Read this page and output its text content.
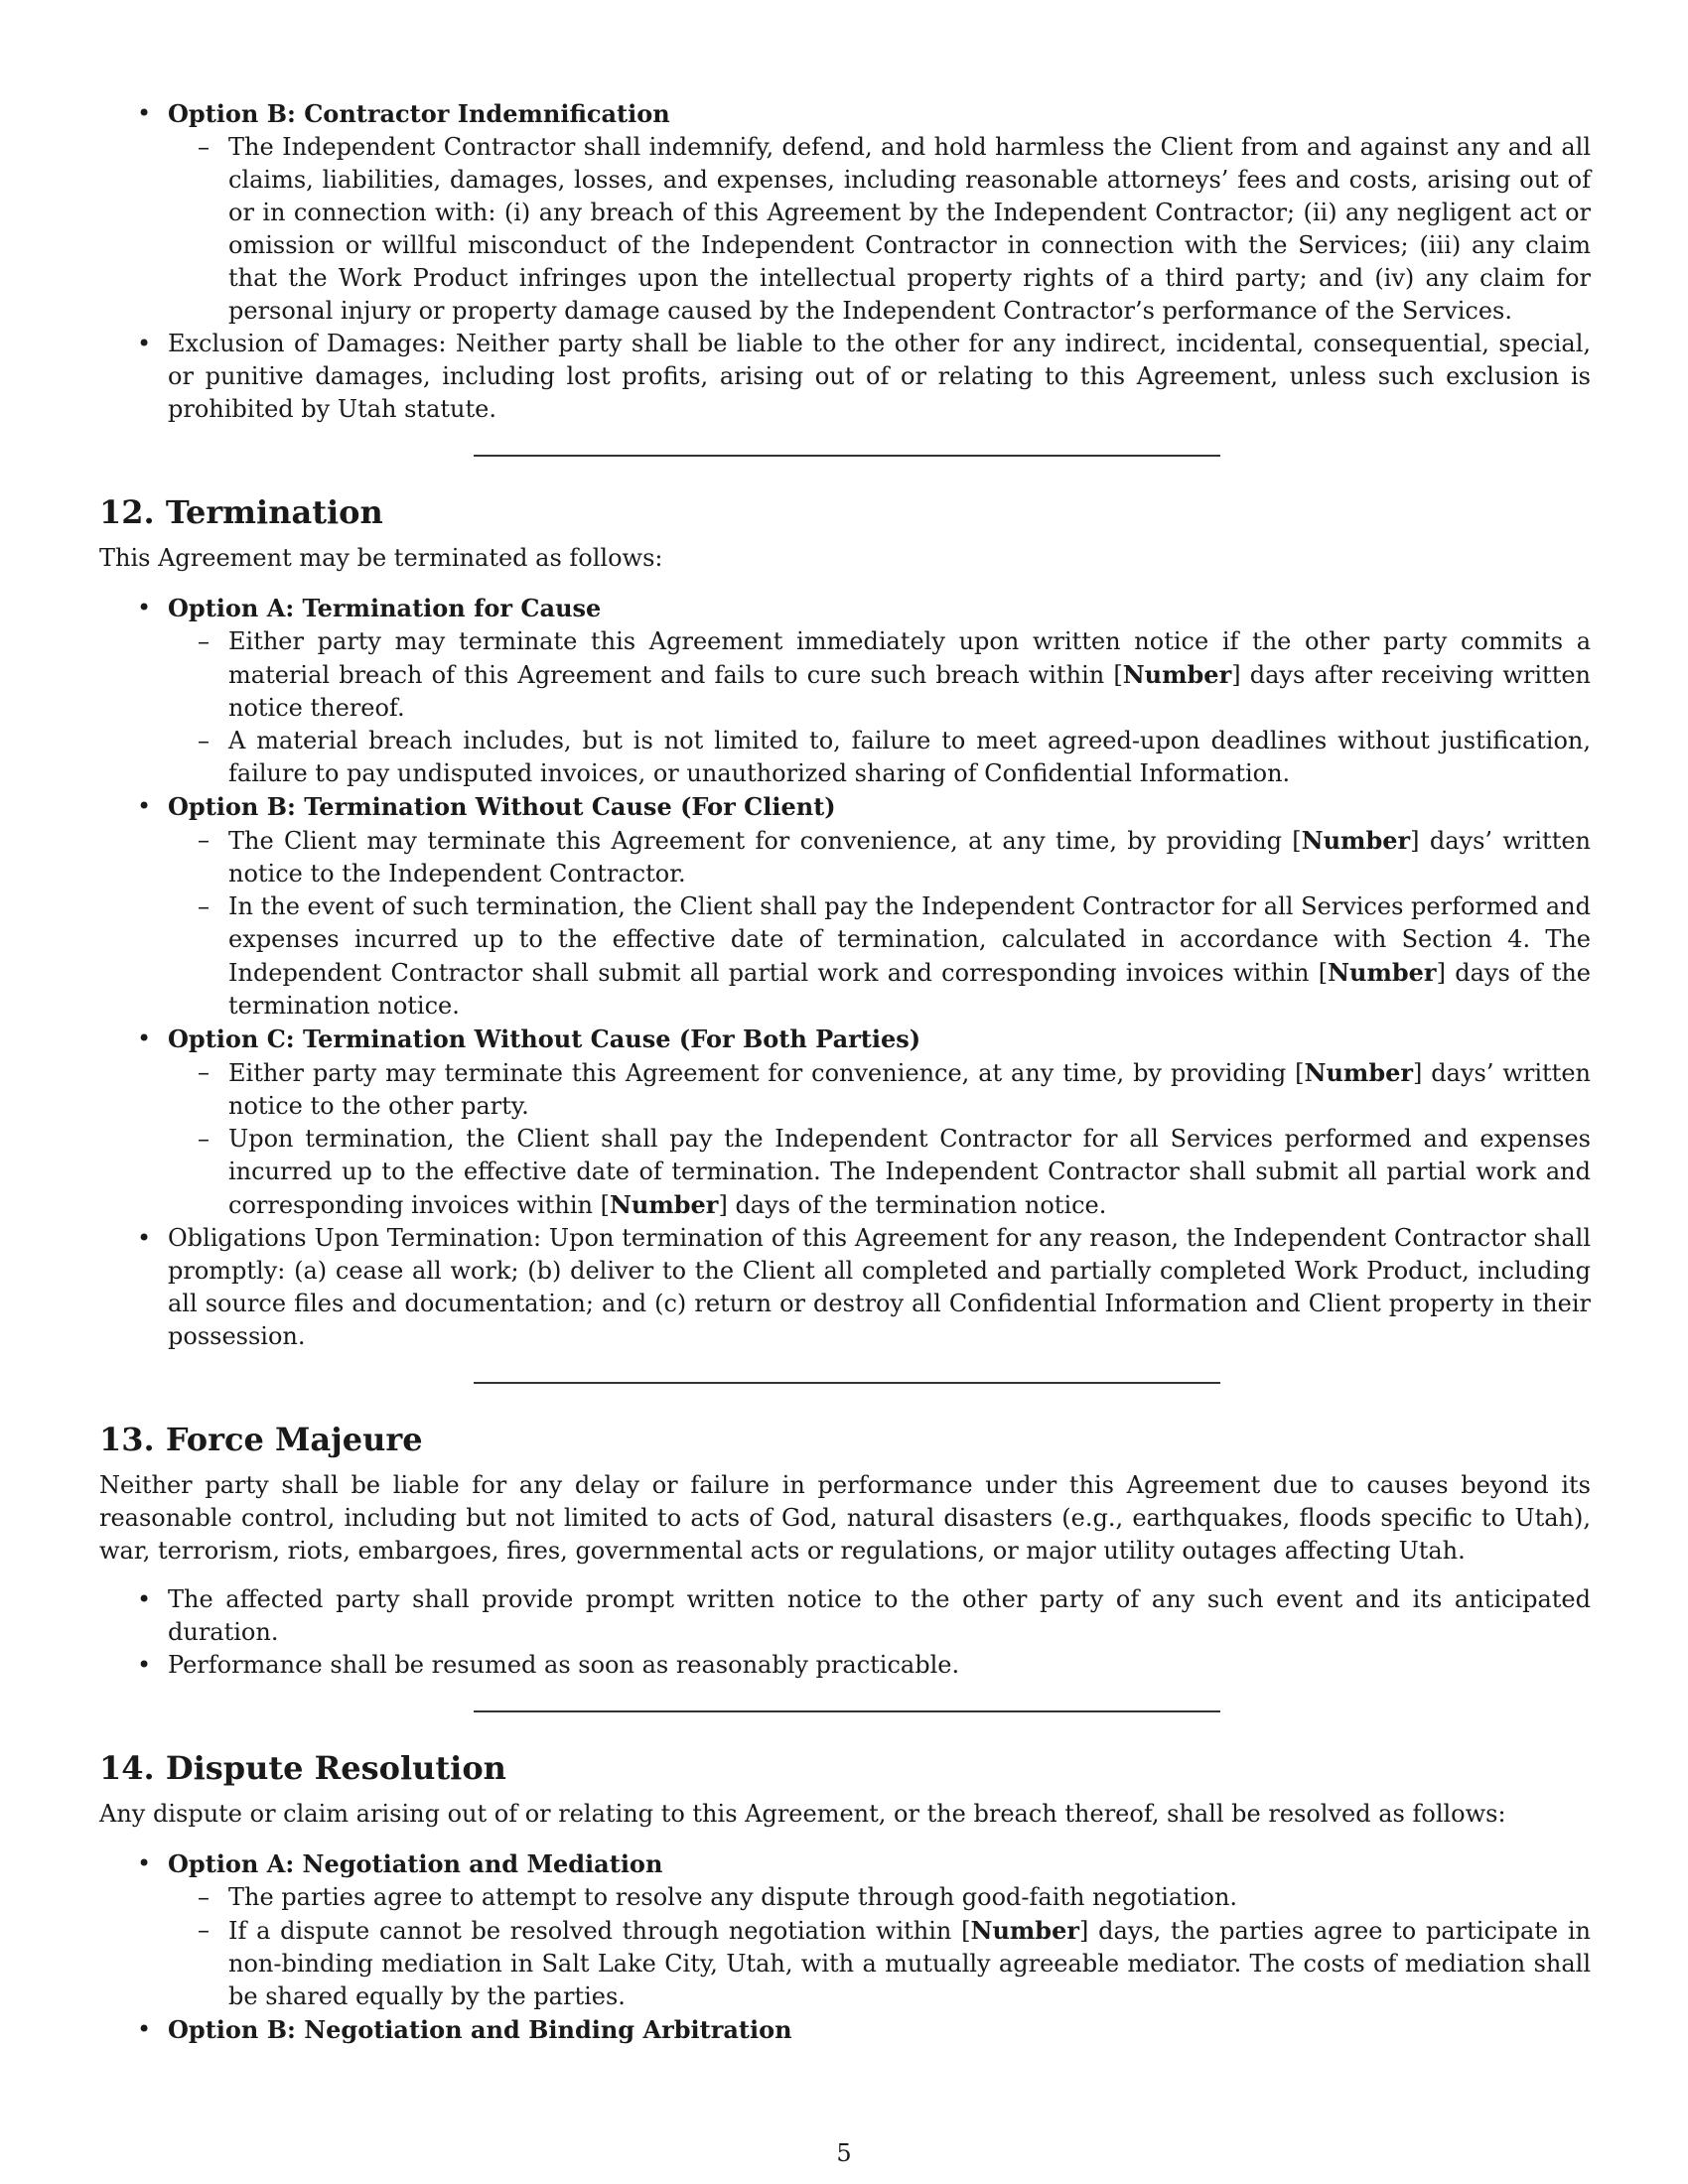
• Option B: Contractor Indemnification
– The Independent Contractor shall indemnify, defend, and hold harmless the Client from and against any and all claims, liabilities, damages, losses, and expenses, including reasonable attorneys’ fees and costs, arising out of or in connection with: (i) any breach of this Agreement by the Independent Contractor; (ii) any negligent act or omission or willful misconduct of the Independent Contractor in connection with the Services; (iii) any claim that the Work Product infringes upon the intellectual property rights of a third party; and (iv) any claim for personal injury or property damage caused by the Independent Contractor’s performance of the Services.
• Exclusion of Damages: Neither party shall be liable to the other for any indirect, incidental, consequential, special, or punitive damages, including lost profits, arising out of or relating to this Agreement, unless such exclusion is prohibited by Utah statute.
12. Termination

This Agreement may be terminated as follows:

• Option A: Termination for Cause
– Either party may terminate this Agreement immediately upon written notice if the other party commits a material breach of this Agreement and fails to cure such breach within [Number] days after receiving written notice thereof.
– A material breach includes, but is not limited to, failure to meet agreed-upon deadlines without justification, failure to pay undisputed invoices, or unauthorized sharing of Confidential Information.
• Option B: Termination Without Cause (For Client)
– The Client may terminate this Agreement for convenience, at any time, by providing [Number] days’ written notice to the Independent Contractor.
– In the event of such termination, the Client shall pay the Independent Contractor for all Services performed and expenses incurred up to the effective date of termination, calculated in accordance with Section 4. The Independent Contractor shall submit all partial work and corresponding invoices within [Number] days of the termination notice.
• Option C: Termination Without Cause (For Both Parties)
– Either party may terminate this Agreement for convenience, at any time, by providing [Number] days’ written notice to the other party.
– Upon termination, the Client shall pay the Independent Contractor for all Services performed and expenses incurred up to the effective date of termination. The Independent Contractor shall submit all partial work and corresponding invoices within [Number] days of the termination notice.
• Obligations Upon Termination: Upon termination of this Agreement for any reason, the Independent Contractor shall promptly: (a) cease all work; (b) deliver to the Client all completed and partially completed Work Product, including all source files and documentation; and (c) return or destroy all Confidential Information and Client property in their possession.
13. Force Majeure

Neither party shall be liable for any delay or failure in performance under this Agreement due to causes beyond its reasonable control, including but not limited to acts of God, natural disasters (e.g., earthquakes, floods specific to Utah), war, terrorism, riots, embargoes, fires, governmental acts or regulations, or major utility outages affecting Utah.

• The affected party shall provide prompt written notice to the other party of any such event and its anticipated duration.
• Performance shall be resumed as soon as reasonably practicable.
14. Dispute Resolution

Any dispute or claim arising out of or relating to this Agreement, or the breach thereof, shall be resolved as follows:

• Option A: Negotiation and Mediation
– The parties agree to attempt to resolve any dispute through good-faith negotiation.
– If a dispute cannot be resolved through negotiation within [Number] days, the parties agree to participate in non-binding mediation in Salt Lake City, Utah, with a mutually agreeable mediator. The costs of mediation shall be shared equally by the parties.
• Option B: Negotiation and Binding Arbitration
5
